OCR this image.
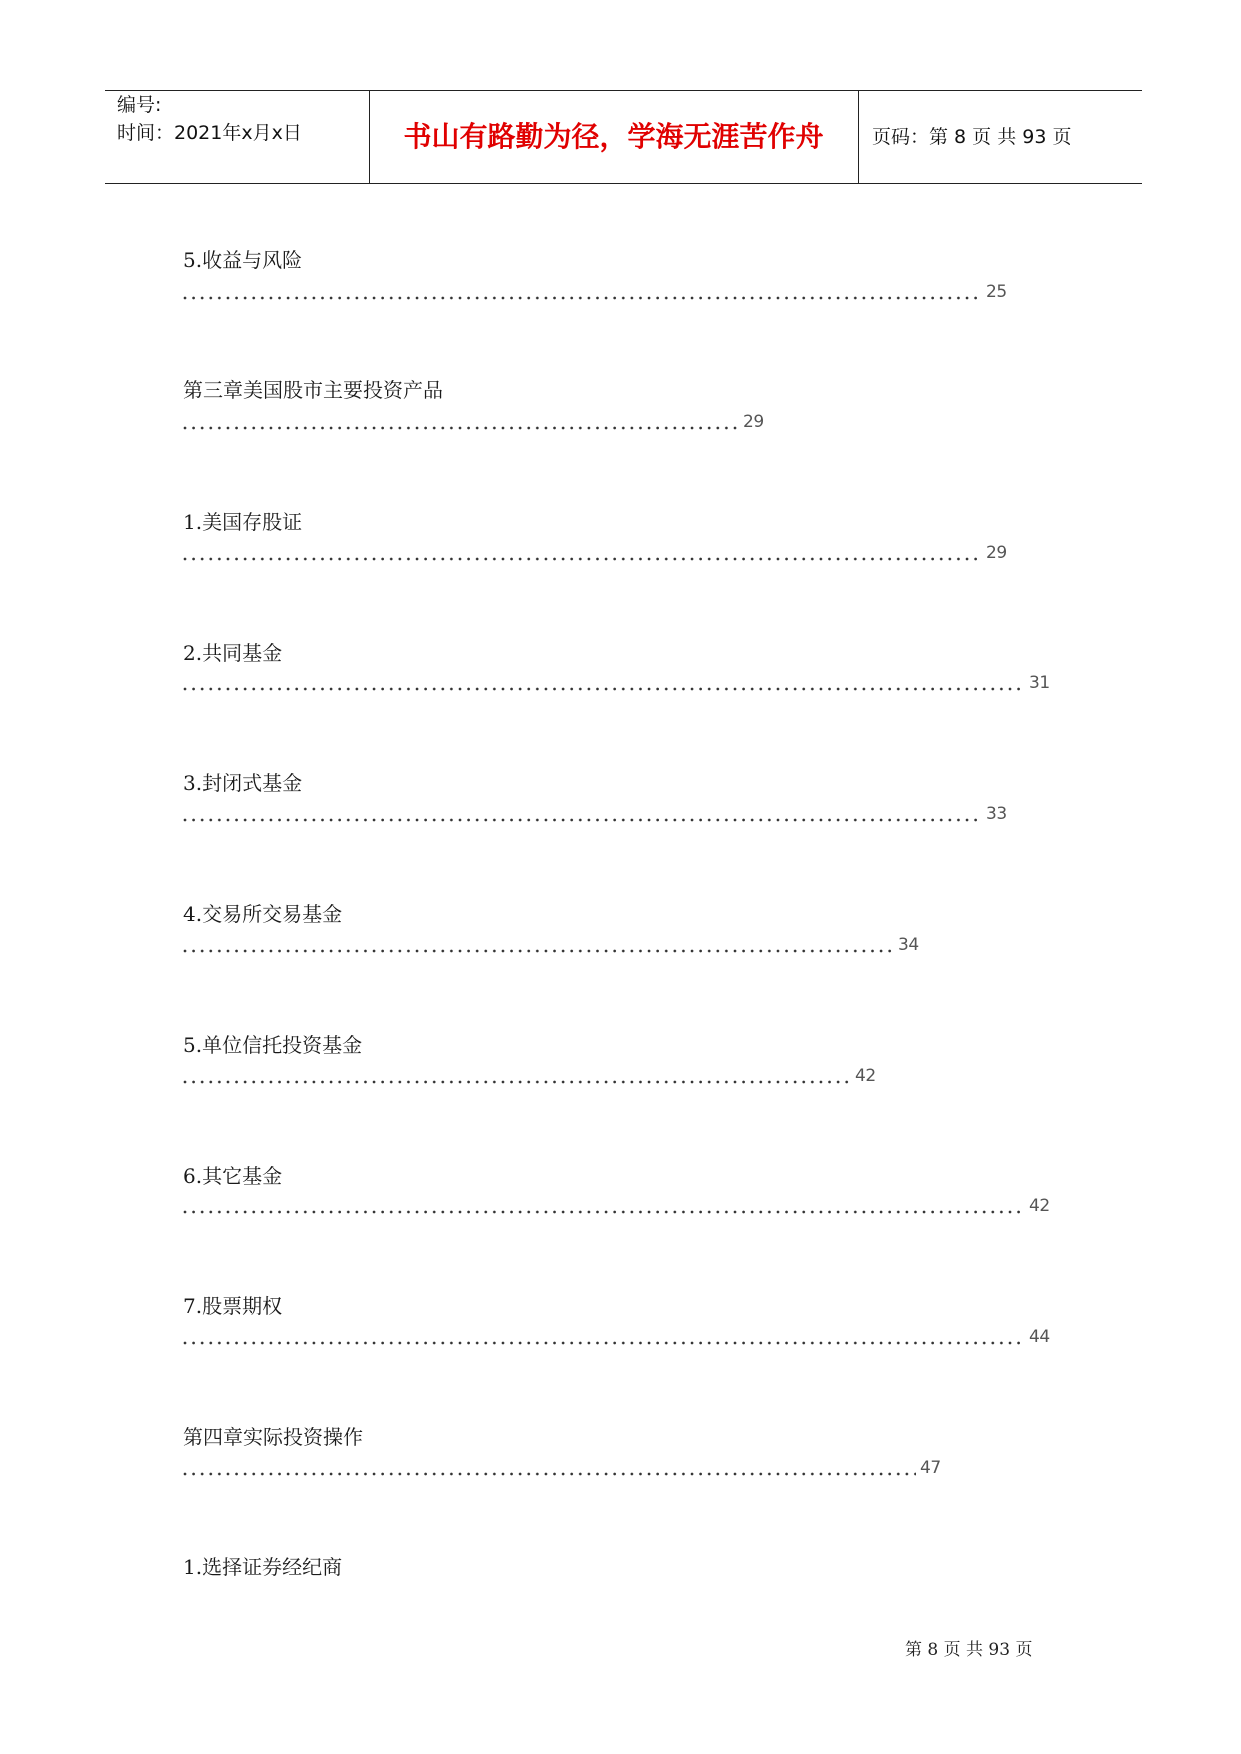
编号:
时间：2021年x月x日	书山有路勤为径，学海无涯苦作舟	页码：第 8 页 共 93 页
5.收益与风险
25
第三章美国股市主要投资产品
29
1.美国存股证
29
2.共同基金
31
3.封闭式基金
33
4.交易所交易基金
34
5.单位信托投资基金
42
6.其它基金
42
7.股票期权
44
第四章实际投资操作
47
1.选择证券经纪商
第 8 页 共 93 页
